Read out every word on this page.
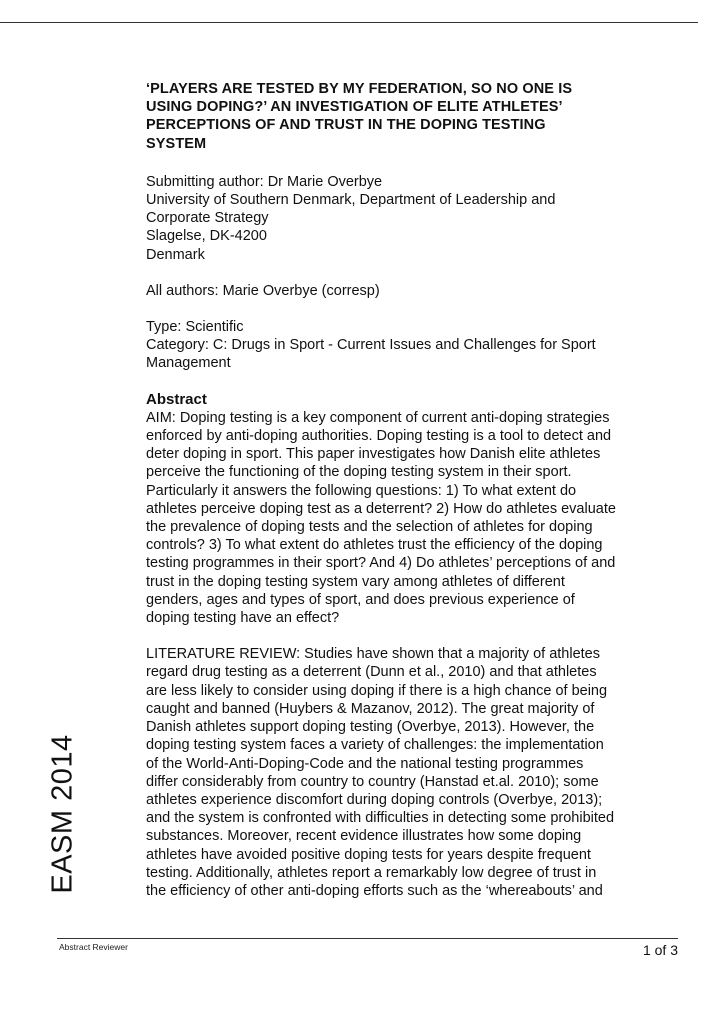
‘PLAYERS ARE TESTED BY MY FEDERATION, SO NO ONE IS
USING DOPING?’ AN INVESTIGATION OF ELITE ATHLETES’
PERCEPTIONS OF AND TRUST IN THE DOPING TESTING
SYSTEM
Submitting author: Dr Marie Overbye
University of Southern Denmark, Department of Leadership and
Corporate Strategy
Slagelse, DK-4200
Denmark
All authors: Marie Overbye (corresp)
Type: Scientific
Category: C: Drugs in Sport - Current Issues and Challenges for Sport
Management
Abstract
AIM: Doping testing is a key component of current anti-doping strategies
enforced by anti-doping authorities. Doping testing is a tool to detect and
deter doping in sport. This paper investigates how Danish elite athletes
perceive the functioning of the doping testing system in their sport.
Particularly it answers the following questions: 1) To what extent do
athletes perceive doping test as a deterrent? 2) How do athletes evaluate
the prevalence of doping tests and the selection of athletes for doping
controls? 3) To what extent do athletes trust the efficiency of the doping
testing programmes in their sport? And 4) Do athletes’ perceptions of and
trust in the doping testing system vary among athletes of different
genders, ages and types of sport, and does previous experience of
doping testing have an effect?
LITERATURE REVIEW: Studies have shown that a majority of athletes
regard drug testing as a deterrent (Dunn et al., 2010) and that athletes
are less likely to consider using doping if there is a high chance of being
caught and banned (Huybers & Mazanov, 2012). The great majority of
Danish athletes support doping testing (Overbye, 2013). However, the
doping testing system faces a variety of challenges: the implementation
of the World-Anti-Doping-Code and the national testing programmes
differ considerably from country to country (Hanstad et.al. 2010); some
athletes experience discomfort during doping controls (Overbye, 2013);
and the system is confronted with difficulties in detecting some prohibited
substances. Moreover, recent evidence illustrates how some doping
athletes have avoided positive doping tests for years despite frequent
testing. Additionally, athletes report a remarkably low degree of trust in
the efficiency of other anti-doping efforts such as the ‘whereabouts’ and
EASM 2014
Abstract Reviewer	1 of 3
